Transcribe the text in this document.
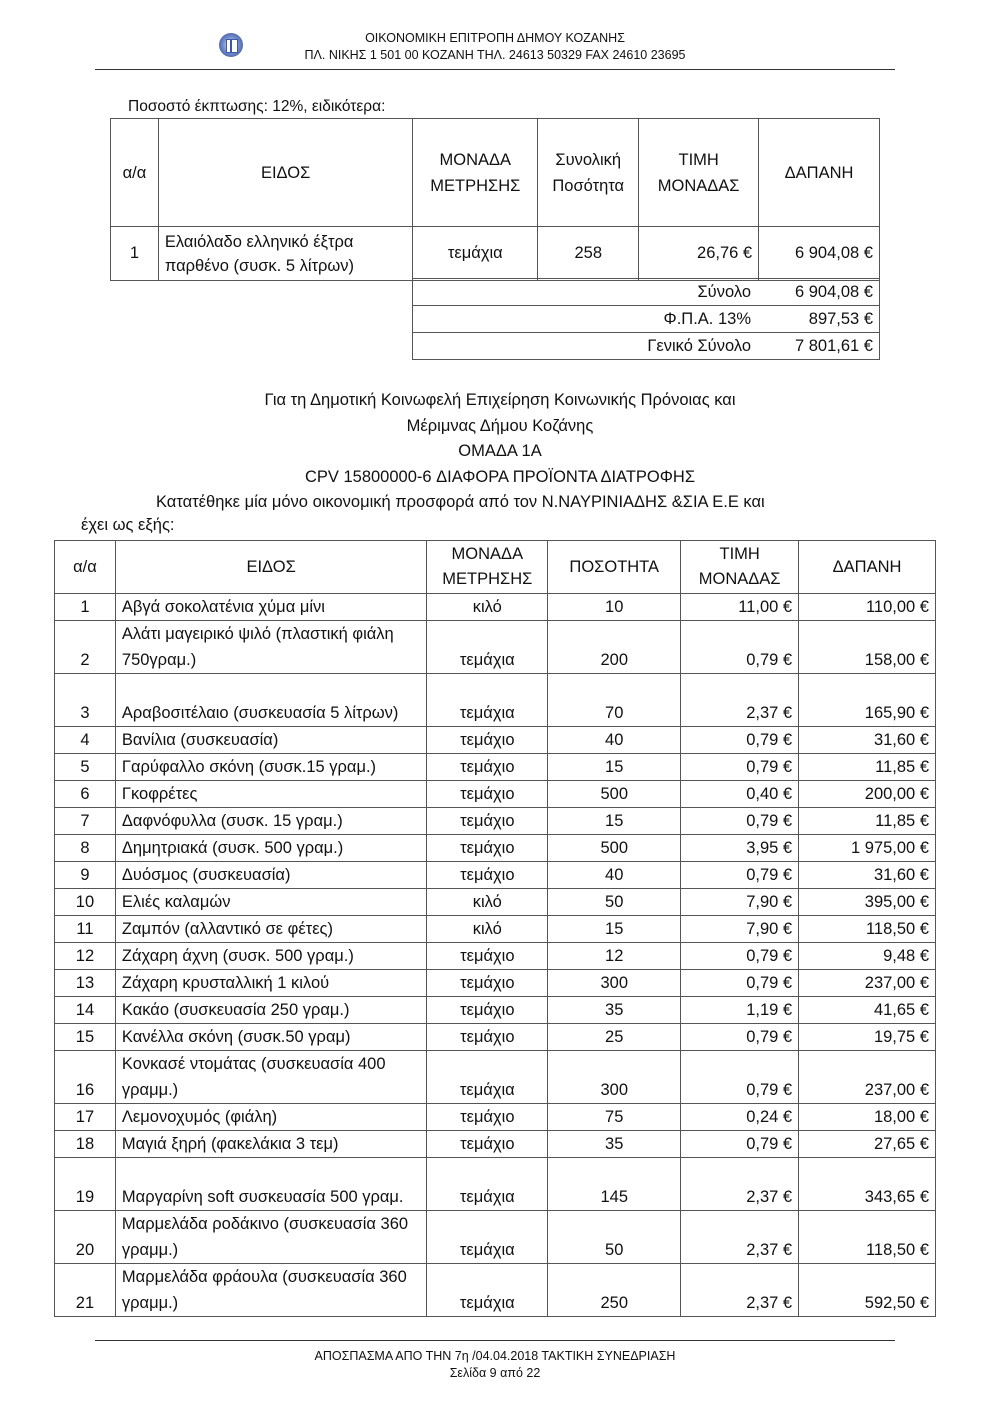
ΟΙΚΟΝΟΜΙΚΗ ΕΠΙΤΡΟΠΗ ΔΗΜΟΥ ΚΟΖΑΝΗΣ
ΠΛ. ΝΙΚΗΣ 1 501 00 ΚΟΖΑΝΗ ΤΗΛ. 24613 50329 FAX 24610 23695
Ποσοστό έκπτωσης: 12%, ειδικότερα:
α/α	ΕΙΔΟΣ	ΜΟΝΑΔΑ ΜΕΤΡΗΣΗΣ	Συνολική Ποσότητα	ΤΙΜΗ ΜΟΝΑΔΑΣ	ΔΑΠΑΝΗ
1	Ελαιόλαδο ελληνικό έξτρα παρθένο (συσκ. 5 λίτρων)	τεμάχια	258	26,76 €	6 904,08 €
Σύνολο	6 904,08 €
Φ.Π.Α. 13%	897,53 €
Γενικό Σύνολο	7 801,61 €
Για τη Δημοτική Κοινωφελή Επιχείρηση Κοινωνικής Πρόνοιας και
Μέριμνας Δήμου Κοζάνης
ΟΜΑΔΑ 1Α
CPV 15800000-6 ΔΙΑΦΟΡΑ ΠΡΟΪΟΝΤΑ ΔΙΑΤΡΟΦΗΣ
Κατατέθηκε μία μόνο οικονομική προσφορά από τον Ν.ΝΑΥΡΙΝΙΑΔΗΣ &ΣΙΑ Ε.Ε και
έχει ως εξής:
α/α	ΕΙΔΟΣ	ΜΟΝΑΔΑ ΜΕΤΡΗΣΗΣ	ΠΟΣΟΤΗΤΑ	ΤΙΜΗ ΜΟΝΑΔΑΣ	ΔΑΠΑΝΗ
1	Αβγά σοκολατένια χύμα μίνι	κιλό	10	11,00 €	110,00 €
2	Αλάτι μαγειρικό ψιλό (πλαστική φιάλη 750γραμ.)	τεμάχια	200	0,79 €	158,00 €
3	Αραβοσιτέλαιο (συσκευασία 5 λίτρων)	τεμάχια	70	2,37 €	165,90 €
4	Βανίλια (συσκευασία)	τεμάχιο	40	0,79 €	31,60 €
5	Γαρύφαλλο σκόνη (συσκ.15 γραμ.)	τεμάχιο	15	0,79 €	11,85 €
6	Γκοφρέτες	τεμάχιο	500	0,40 €	200,00 €
7	Δαφνόφυλλα (συσκ. 15 γραμ.)	τεμάχιο	15	0,79 €	11,85 €
8	Δημητριακά (συσκ. 500 γραμ.)	τεμάχιο	500	3,95 €	1 975,00 €
9	Δυόσμος (συσκευασία)	τεμάχιο	40	0,79 €	31,60 €
10	Ελιές καλαμών	κιλό	50	7,90 €	395,00 €
11	Ζαμπόν (αλλαντικό σε φέτες)	κιλό	15	7,90 €	118,50 €
12	Ζάχαρη άχνη (συσκ. 500 γραμ.)	τεμάχιο	12	0,79 €	9,48 €
13	Ζάχαρη κρυσταλλική 1 κιλού	τεμάχιο	300	0,79 €	237,00 €
14	Κακάο (συσκευασία 250 γραμ.)	τεμάχιο	35	1,19 €	41,65 €
15	Κανέλλα σκόνη (συσκ.50 γραμ)	τεμάχιο	25	0,79 €	19,75 €
16	Κονκασέ ντομάτας (συσκευασία 400 γραμμ.)	τεμάχια	300	0,79 €	237,00 €
17	Λεμονοχυμός (φιάλη)	τεμάχιο	75	0,24 €	18,00 €
18	Μαγιά ξηρή (φακελάκια 3 τεμ)	τεμάχιο	35	0,79 €	27,65 €
19	Μαργαρίνη soft συσκευασία 500 γραμ.	τεμάχια	145	2,37 €	343,65 €
20	Μαρμελάδα ροδάκινο (συσκευασία 360 γραμμ.)	τεμάχια	50	2,37 €	118,50 €
21	Μαρμελάδα φράουλα (συσκευασία 360 γραμμ.)	τεμάχια	250	2,37 €	592,50 €
ΑΠΟΣΠΑΣΜΑ ΑΠΟ ΤΗΝ 7η /04.04.2018 ΤΑΚΤΙΚΗ ΣΥΝΕΔΡΙΑΣΗ
Σελίδα 9 από 22
